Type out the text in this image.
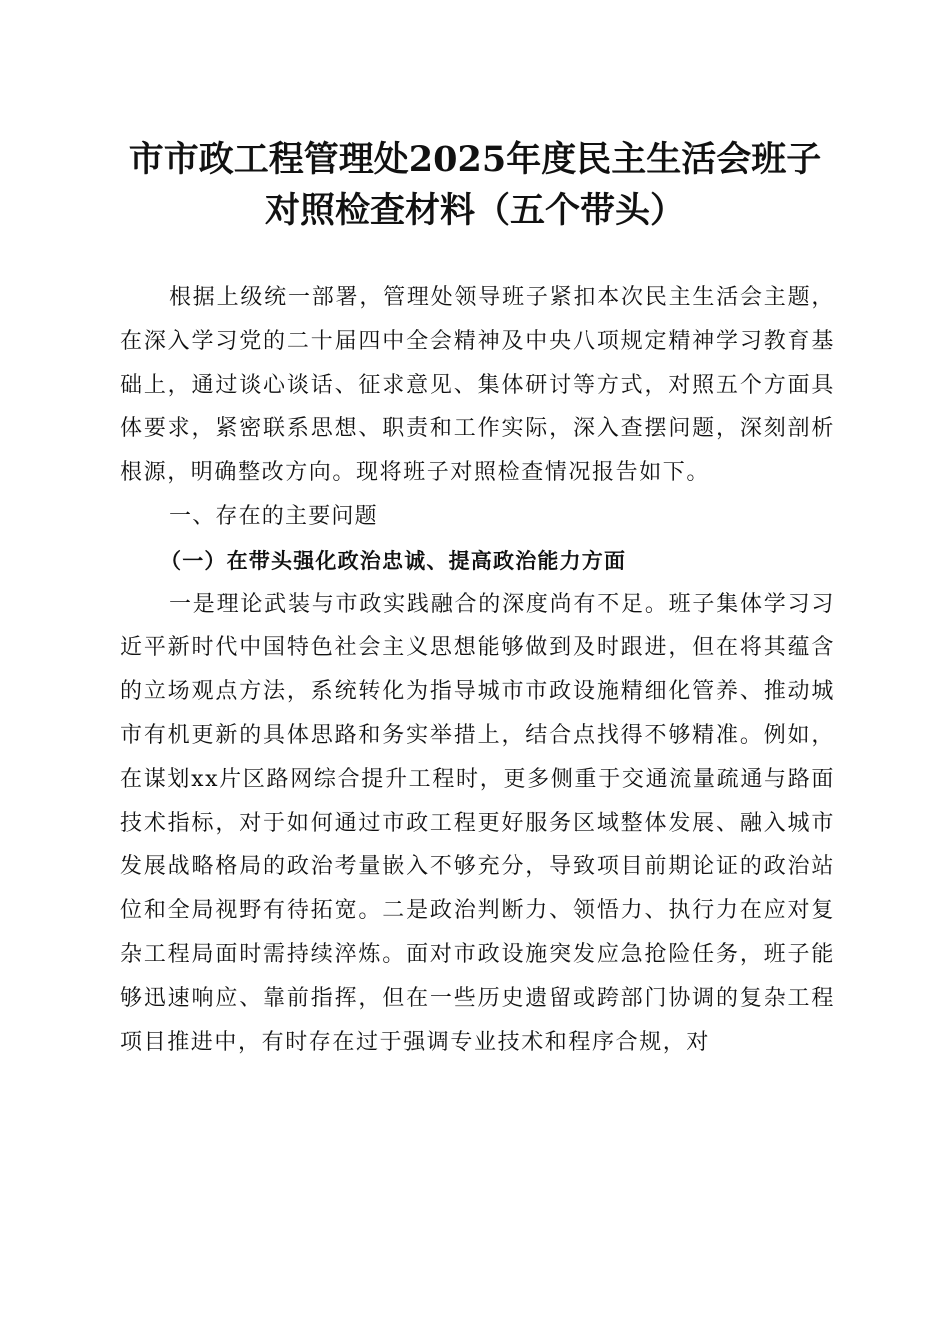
市市政工程管理处2025年度民主生活会班子
对照检查材料（五个带头）

根据上级统一部署，管理处领导班子紧扣本次民主生活会主题，在深入学习党的二十届四中全会精神及中央八项规定精神学习教育基础上，通过谈心谈话、征求意见、集体研讨等方式，对照五个方面具体要求，紧密联系思想、职责和工作实际，深入查摆问题，深刻剖析根源，明确整改方向。现将班子对照检查情况报告如下。

一、存在的主要问题

（一）在带头强化政治忠诚、提高政治能力方面

一是理论武装与市政实践融合的深度尚有不足。班子集体学习习近平新时代中国特色社会主义思想能够做到及时跟进，但在将其蕴含的立场观点方法，系统转化为指导城市市政设施精细化管养、推动城市有机更新的具体思路和务实举措上，结合点找得不够精准。例如，在谋划xx片区路网综合提升工程时，更多侧重于交通流量疏通与路面技术指标，对于如何通过市政工程更好服务区域整体发展、融入城市发展战略格局的政治考量嵌入不够充分，导致项目前期论证的政治站位和全局视野有待拓宽。二是政治判断力、领悟力、执行力在应对复杂工程局面时需持续淬炼。面对市政设施突发应急抢险任务，班子能够迅速响应、靠前指挥，但在一些历史遗留或跨部门协调的复杂工程项目推进中，有时存在过于强调专业技术和程序合规，对
